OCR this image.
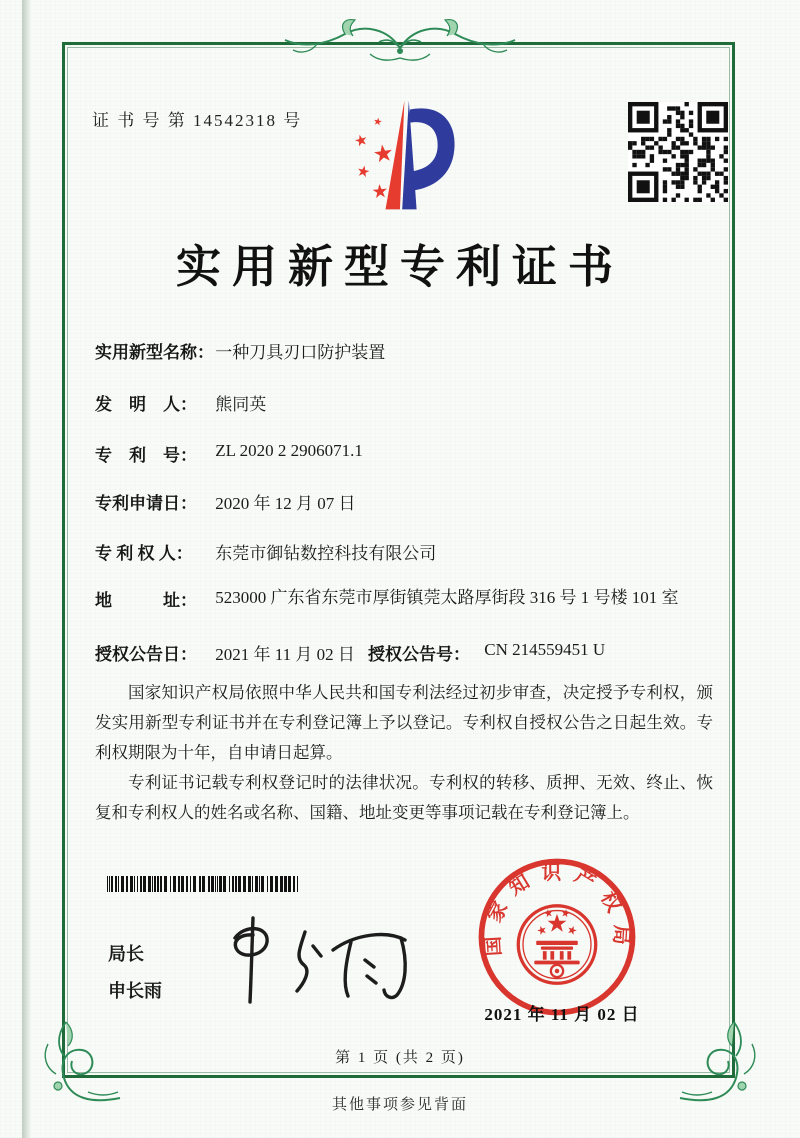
证 书 号 第 14542318 号
实用新型专利证书
实用新型名称： 一种刀具刃口防护装置
发　明　人： 熊同英
专　利　号： ZL 2020 2 2906071.1
专利申请日： 2020 年 12 月 07 日
专 利 权 人： 东莞市御钻数控科技有限公司
地　　　址： 523000 广东省东莞市厚街镇莞太路厚街段 316 号 1 号楼 101 室
授权公告日： 2021 年 11 月 02 日 授权公告号： CN 214559451 U

国家知识产权局依照中华人民共和国专利法经过初步审查，决定授予专利权，颁发实用新型专利证书并在专利登记簿上予以登记。专利权自授权公告之日起生效。专利权期限为十年，自申请日起算。

专利证书记载专利权登记时的法律状况。专利权的转移、质押、无效、终止、恢复和专利权人的姓名或名称、国籍、地址变更等事项记载在专利登记簿上。

局长
申长雨
国家知识产权局
2021 年 11 月 02 日
第 1 页 (共 2 页)
其他事项参见背面
